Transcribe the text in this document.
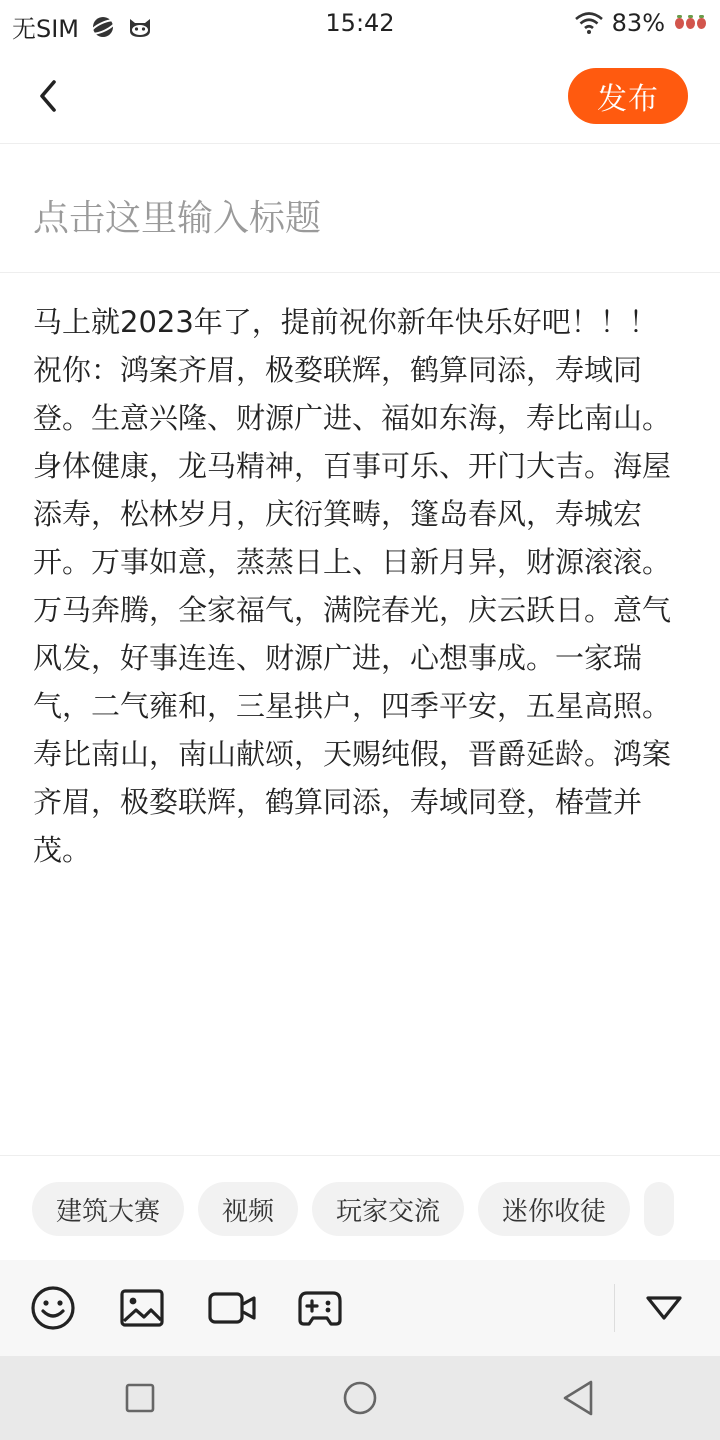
无SIM	15:42	83%
发布
点击这里输入标题
马上就2023年了，提前祝你新年快乐好吧！！！祝你：鸿案齐眉，极婺联辉，鹤算同添，寿域同登。生意兴隆、财源广进、福如东海，寿比南山。身体健康，龙马精神，百事可乐、开门大吉。海屋添寿，松林岁月，庆衍箕畴，篷岛春风，寿城宏开。万事如意，蒸蒸日上、日新月异，财源滚滚。万马奔腾，全家福气，满院春光，庆云跃日。意气风发，好事连连、财源广进，心想事成。一家瑞气，二气雍和，三星拱户，四季平安，五星高照。寿比南山，南山献颂，天赐纯假，晋爵延龄。鸿案齐眉，极婺联辉，鹤算同添，寿域同登，椿萱并茂。
建筑大赛	视频	玩家交流	迷你收徒
